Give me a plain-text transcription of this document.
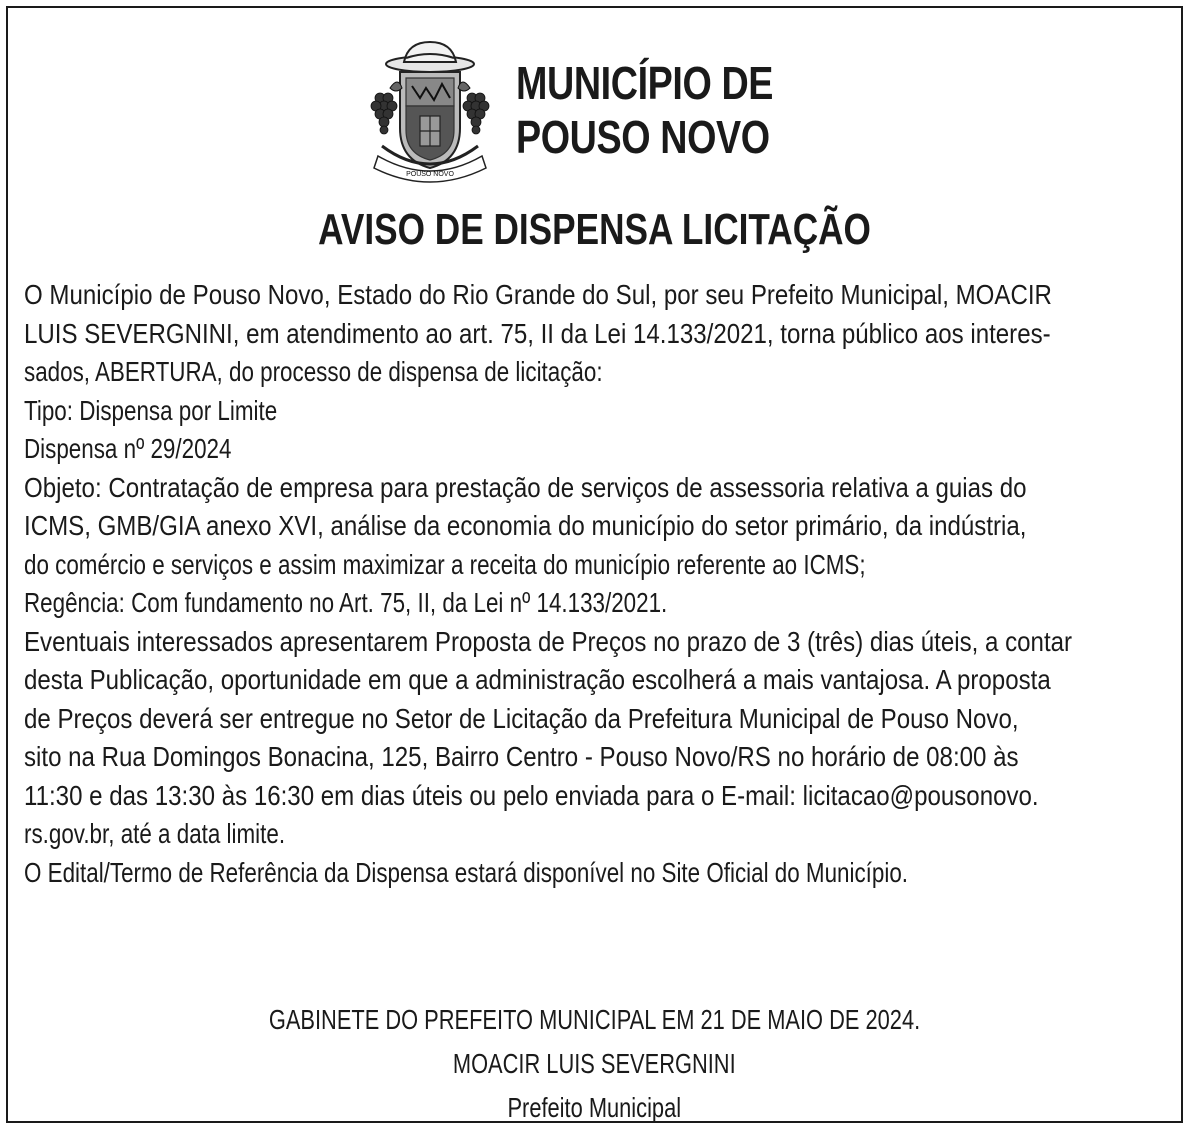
POUSO NOVO
MUNICÍPIO DE
POUSO NOVO
AVISO DE DISPENSA LICITAÇÃO
O Município de Pouso Novo, Estado do Rio Grande do Sul, por seu Prefeito Municipal, MOACIR
LUIS SEVERGNINI, em atendimento ao art. 75, II da Lei 14.133/2021, torna público aos interes-
sados, ABERTURA, do processo de dispensa de licitação:
Tipo: Dispensa por Limite
Dispensa nº 29/2024
Objeto: Contratação de empresa para prestação de serviços de assessoria relativa a guias do
ICMS, GMB/GIA anexo XVI, análise da economia do município do setor primário, da indústria,
do comércio e serviços e assim maximizar a receita do município referente ao ICMS;
Regência: Com fundamento no Art. 75, II, da Lei nº 14.133/2021.
Eventuais interessados apresentarem Proposta de Preços no prazo de 3 (três) dias úteis, a contar
desta Publicação, oportunidade em que a administração escolherá a mais vantajosa. A proposta
de Preços deverá ser entregue no Setor de Licitação da Prefeitura Municipal de Pouso Novo,
sito na Rua Domingos Bonacina, 125, Bairro Centro - Pouso Novo/RS no horário de 08:00 às
11:30 e das 13:30 às 16:30 em dias úteis ou pelo enviada para o E-mail: licitacao@pousonovo.
rs.gov.br, até a data limite.
O Edital/Termo de Referência da Dispensa estará disponível no Site Oficial do Município.
GABINETE DO PREFEITO MUNICIPAL EM 21 DE MAIO DE 2024.
MOACIR LUIS SEVERGNINI
Prefeito Municipal
